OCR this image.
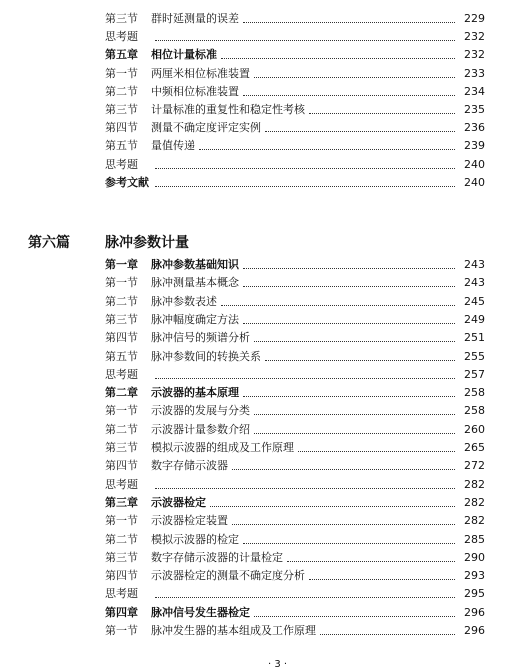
第三节	群时延测量的误差	229
思考题	232
第五章	相位计量标准	232
第一节	两厘米相位标准装置	233
第二节	中频相位标准装置	234
第三节	计量标准的重复性和稳定性考核	235
第四节	测量不确定度评定实例	236
第五节	量值传递	239
思考题	240
参考文献	240
第一章	脉冲参数基础知识	243
第一节	脉冲测量基本概念	243
第二节	脉冲参数表述	245
第三节	脉冲幅度确定方法	249
第四节	脉冲信号的频谱分析	251
第五节	脉冲参数间的转换关系	255
思考题	257
第二章	示波器的基本原理	258
第一节	示波器的发展与分类	258
第二节	示波器计量参数介绍	260
第三节	模拟示波器的组成及工作原理	265
第四节	数字存储示波器	272
思考题	282
第三章	示波器检定	282
第一节	示波器检定装置	282
第二节	模拟示波器的检定	285
第三节	数字存储示波器的计量检定	290
第四节	示波器检定的测量不确定度分析	293
思考题	295
第四章	脉冲信号发生器检定	296
第一节	脉冲发生器的基本组成及工作原理	296
第六篇	脉冲参数计量
· 3 ·
